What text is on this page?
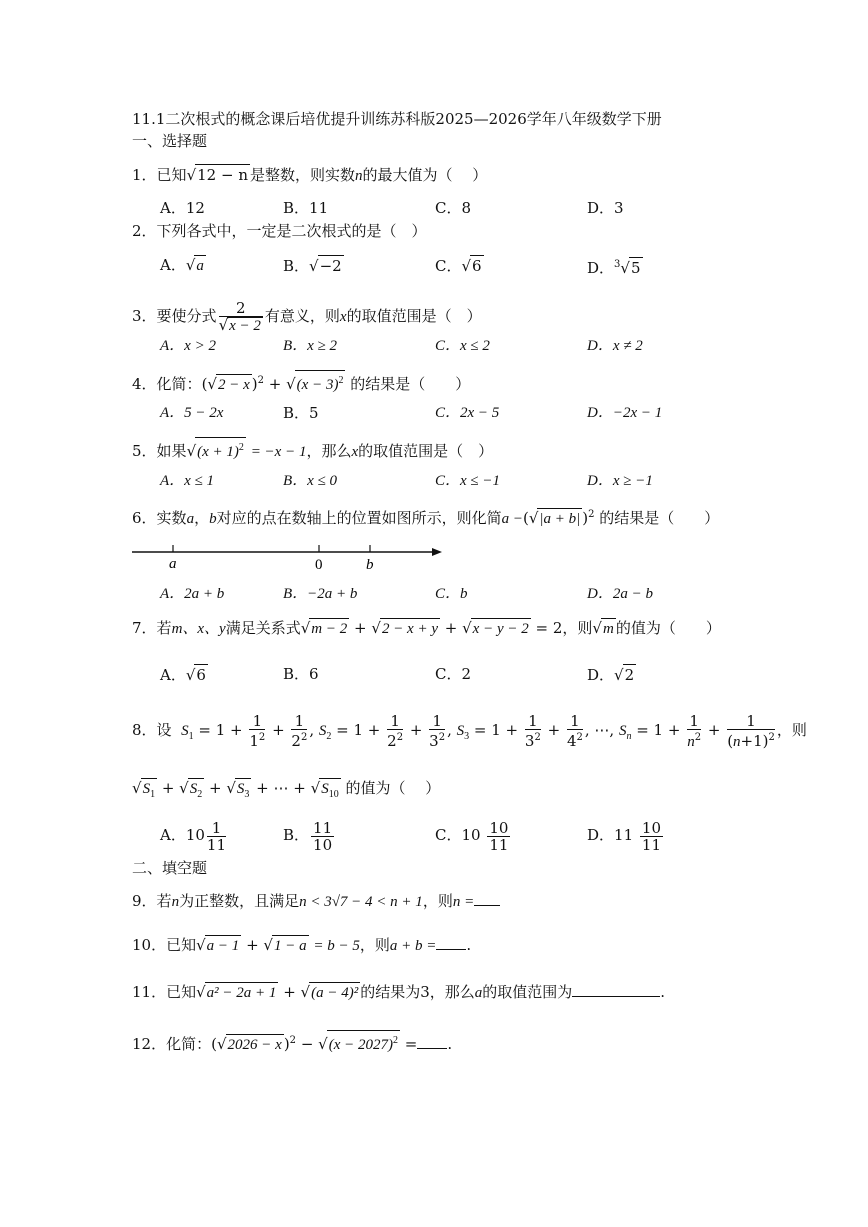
11.1二次根式的概念课后培优提升训练苏科版2025—2026学年八年级数学下册
一、选择题
1．已知√12 − n 是整数，则实数n的最大值为（　 ）
A．12	B．11	C．8	D．3
2．下列各式中，一定是二次根式的是（　）
A．√a	B．√−2	C．√6	D．$^3$√5
3．要使分式 $\frac{2}{√x - 2}$ 有意义，则x的取值范围是（　）
A．x > 2	B．x ≥ 2	C．x ≤ 2	D．x ≠ 2
4．化简：(√2 − x )$^2 + √(x - 3)^2$ 的结果是（　　）
A．5 − 2x	B．5	C．2x − 5	D．−2x − 1
5．如果$√(x + 1)^2 = -x - 1$，那么x的取值范围是（　）
A．x ≤ 1	B．x ≤ 0	C．x ≤ −1	D．x ≥ −1
6．实数a，b对应的点在数轴上的位置如图所示，则化简a −(√|a + b| )$^2$ 的结果是（　　）
a	0	b
A．2a + b	B．−2a + b	C．b	D．2a − b
7．若m、x、y满足关系式√m − 2 + √2 − x + y + √x − y − 2 = 2，则√m 的值为（　　）
A．√6	B．6	C．2	D．√2
8．设 $S_1 = 1 + \frac{1}{1^2} + \frac{1}{2^2}$ , $S_2 = 1 + \frac{1}{2^2} + \frac{1}{3^2}$ , $S_3 = 1 + \frac{1}{3^2} + \frac{1}{4^2}$ , ⋯, $S_n = 1 + \frac{1}{n^2} + \frac{1}{(n+1)^2}$ ，则
$√S_1 + √S_2 + √S_3$ + ⋯ + $√S_{10}$ 的值为（　 ）
A．$10 \frac{1}{11}$	B． $\frac{11}{10}$	C．$10 \frac{10}{11}$	D．$11 \frac{10}{11}$
二、填空题
9．若n为正整数，且满足n < 3√7 − 4 < n + 1，则n =
10．已知√a − 1 + √1 − a = b − 5，则a + b = .
11．已知√a² − 2a + 1 + √(a − 4)² 的结果为3，那么a的取值范围为	.
12．化简：(√2026 − x )$^2 - √(x - 2027)^2$ = .
